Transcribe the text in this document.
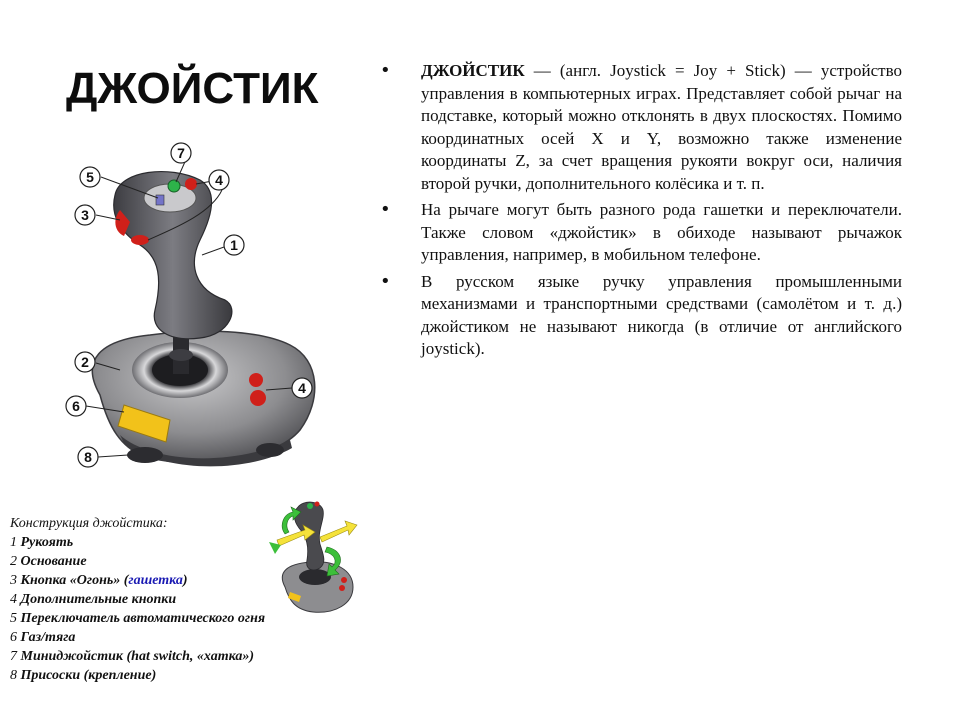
ДЖОЙСТИК
7
5	4
3
1
2
4
6
8
• ДЖОЙСТИК — (англ. Joystick = Joy + Stick) — устройство управления в компьютерных играх. Представляет собой рычаг на подставке, который можно отклонять в двух плоскостях. Помимо координатных осей X и Y, возможно также изменение координаты Z, за счет вращения рукояти вокруг оси, наличия второй ручки, дополнительного колёсика и т. п.
• На рычаге могут быть разного рода гашетки и переключатели. Также словом «джойстик» в обиходе называют рычажок управления, например, в мобильном телефоне.
• В русском языке ручку управления промышленными механизмами и транспортными средствами (самолётом и т. д.) джойстиком не называют никогда (в отличие от английского joystick).
Конструкция джойстика:
1 Рукоять
2 Основание
3 Кнопка «Огонь» (гашетка)
4 Дополнительные кнопки
5 Переключатель автоматического огня
6 Газ/тяга
7 Миниджойстик (hat switch, «хатка»)
8 Присоски (крепление)
